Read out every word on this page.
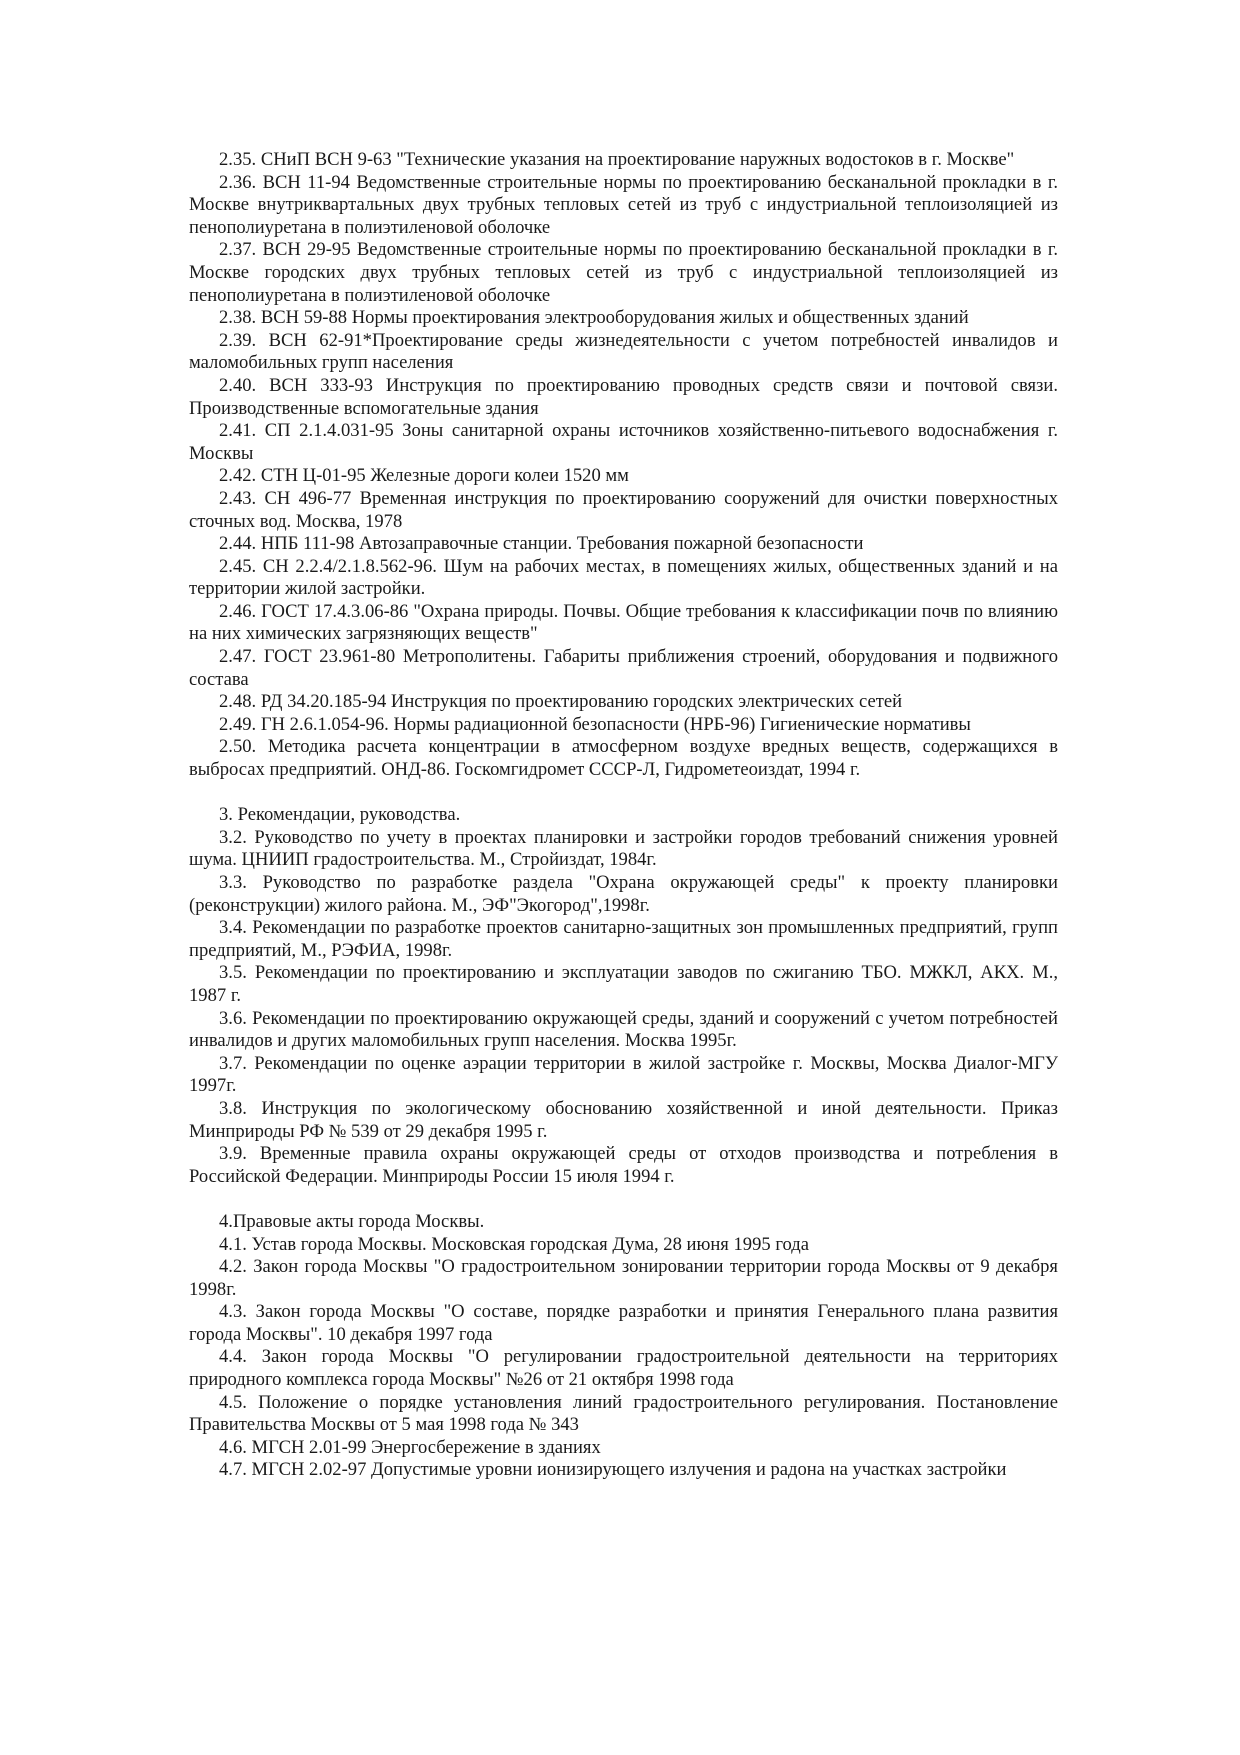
2.35. СНиП ВСН 9-63 "Технические указания на проектирование наружных водостоков в г. Москве"

2.36. ВСН 11-94 Ведомственные строительные нормы по проектированию бесканальной прокладки в г. Москве внутриквартальных двух трубных тепловых сетей из труб с индустриальной теплоизоляцией из пенополиуретана в полиэтиленовой оболочке

2.37. ВСН 29-95 Ведомственные строительные нормы по проектированию бесканальной прокладки в г. Москве городских двух трубных тепловых сетей из труб с индустриальной теплоизоляцией из пенополиуретана в полиэтиленовой оболочке

2.38. ВСН 59-88 Нормы проектирования электрооборудования жилых и общественных зданий

2.39. ВСН 62-91*Проектирование среды жизнедеятельности с учетом потребностей инвалидов и маломобильных групп населения

2.40. ВСН 333-93 Инструкция по проектированию проводных средств связи и почтовой связи. Производственные вспомогательные здания

2.41. СП 2.1.4.031-95 Зоны санитарной охраны источников хозяйственно-питьевого водоснабжения г. Москвы

2.42. СТН Ц-01-95 Железные дороги колеи 1520 мм

2.43. СН 496-77 Временная инструкция по проектированию сооружений для очистки поверхностных сточных вод. Москва, 1978

2.44. НПБ 111-98 Автозаправочные станции. Требования пожарной безопасности

2.45. СН 2.2.4/2.1.8.562-96. Шум на рабочих местах, в помещениях жилых, общественных зданий и на территории жилой застройки.

2.46. ГОСТ 17.4.3.06-86 "Охрана природы. Почвы. Общие требования к классификации почв по влиянию на них химических загрязняющих веществ"

2.47. ГОСТ 23.961-80 Метрополитены. Габариты приближения строений, оборудования и подвижного состава

2.48. РД 34.20.185-94 Инструкция по проектированию городских электрических сетей

2.49. ГН 2.6.1.054-96. Нормы радиационной безопасности (НРБ-96) Гигиенические нормативы

2.50. Методика расчета концентрации в атмосферном воздухе вредных веществ, содержащихся в выбросах предприятий. ОНД-86. Госкомгидромет СССР-Л, Гидрометеоиздат, 1994 г.

3. Рекомендации, руководства.

3.2. Руководство по учету в проектах планировки и застройки городов требований снижения уровней шума. ЦНИИП градостроительства. М., Стройиздат, 1984г.

3.3. Руководство по разработке раздела "Охрана окружающей среды" к проекту планировки (реконструкции) жилого района. М., ЭФ"Экогород",1998г.

3.4. Рекомендации по разработке проектов санитарно-защитных зон промышленных предприятий, групп предприятий, М., РЭФИА, 1998г.

3.5. Рекомендации по проектированию и эксплуатации заводов по сжиганию ТБО. МЖКЛ, АКХ. М., 1987 г.

3.6. Рекомендации по проектированию окружающей среды, зданий и сооружений с учетом потребностей инвалидов и других маломобильных групп населения. Москва 1995г.

3.7. Рекомендации по оценке аэрации территории в жилой застройке г. Москвы, Москва Диалог-МГУ 1997г.

3.8. Инструкция по экологическому обоснованию хозяйственной и иной деятельности. Приказ Минприроды РФ № 539 от 29 декабря 1995 г.

3.9. Временные правила охраны окружающей среды от отходов производства и потребления в Российской Федерации. Минприроды России 15 июля 1994 г.

4.Правовые акты города Москвы.

4.1. Устав города Москвы. Московская городская Дума, 28 июня 1995 года

4.2. Закон города Москвы "О градостроительном зонировании территории города Москвы от 9 декабря 1998г.

4.3. Закон города Москвы "О составе, порядке разработки и принятия Генерального плана развития города Москвы". 10 декабря 1997 года

4.4. Закон города Москвы "О регулировании градостроительной деятельности на территориях природного комплекса города Москвы" №26 от 21 октября 1998 года

4.5. Положение о порядке установления линий градостроительного регулирования. Постановление Правительства Москвы от 5 мая 1998 года № 343

4.6. МГСН 2.01-99 Энергосбережение в зданиях

4.7. МГСН 2.02-97 Допустимые уровни ионизирующего излучения и радона на участках застройки
